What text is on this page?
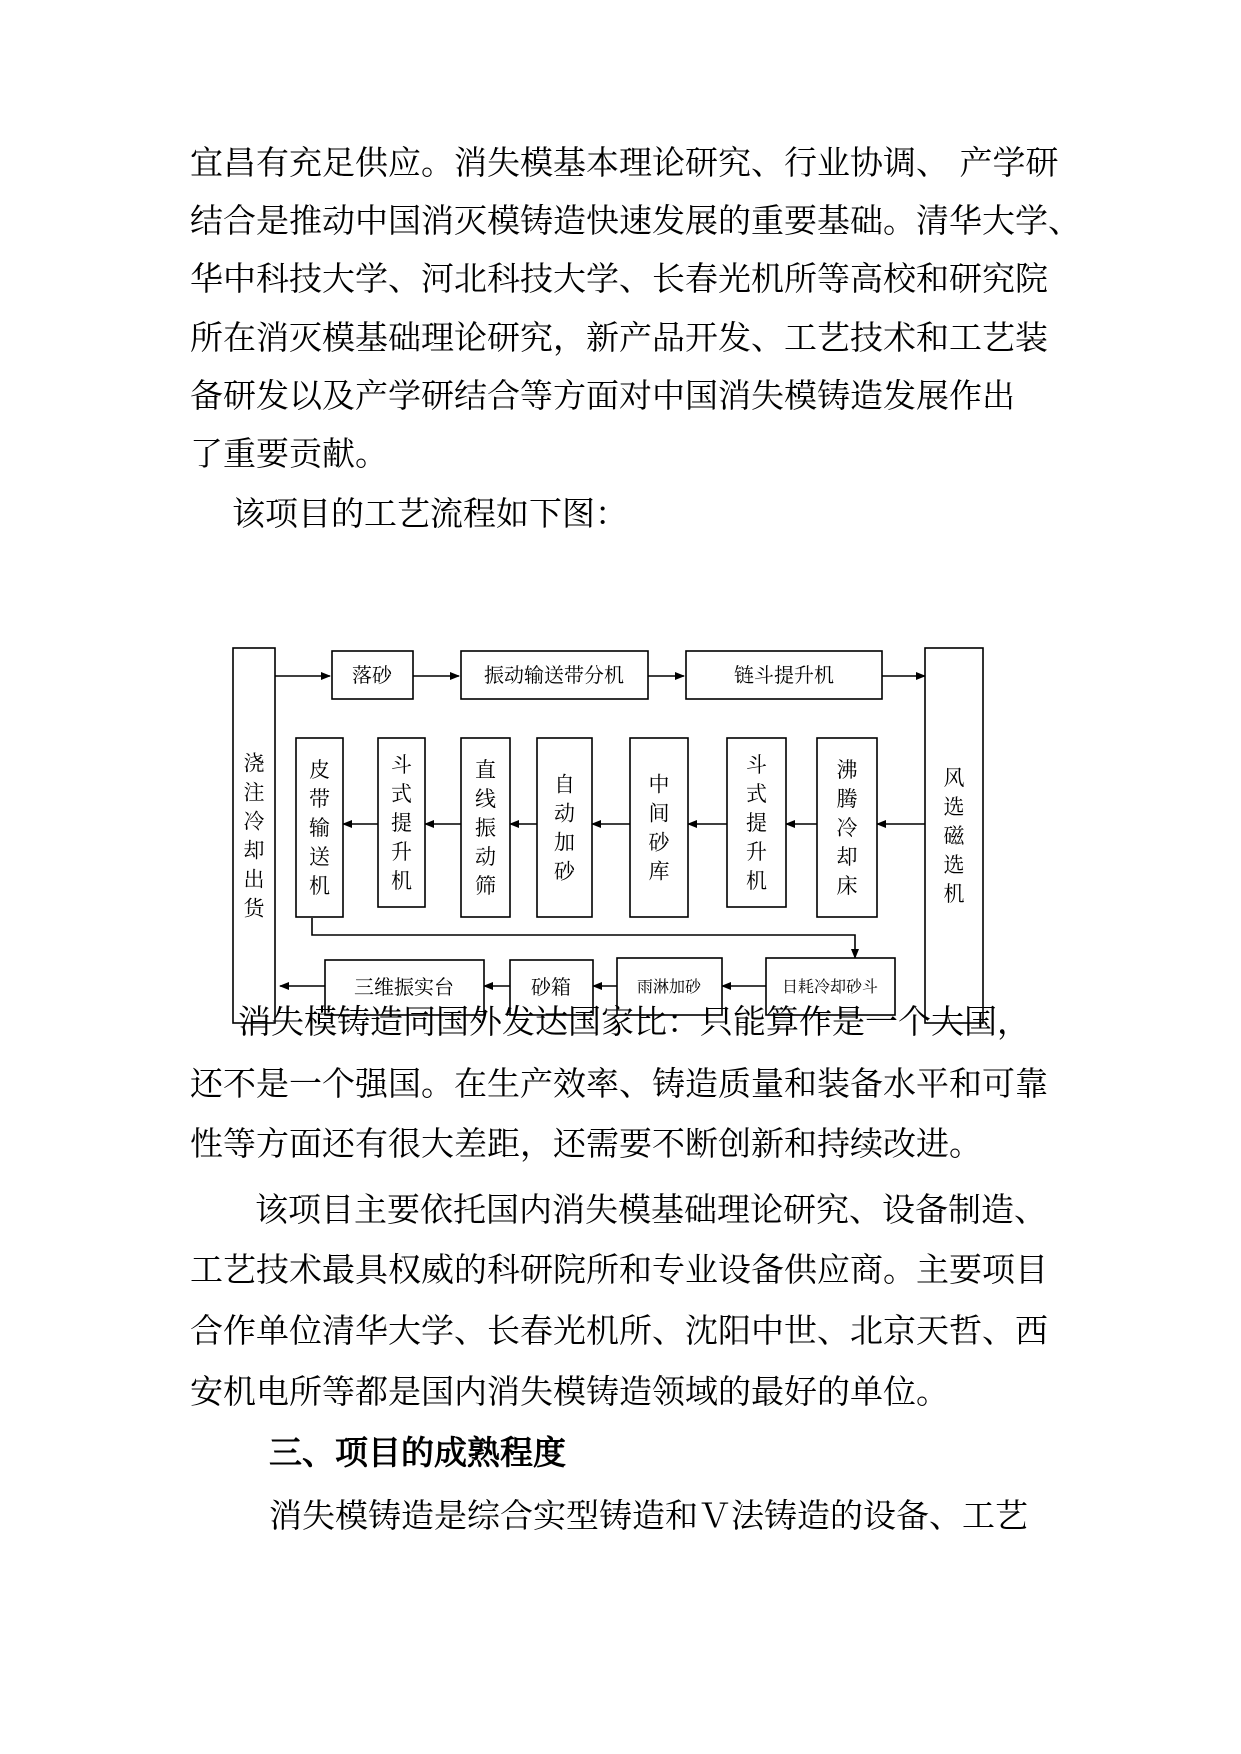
宜昌有充足供应。消失模基本理论研究、行业协调、 产学研
结合是推动中国消灭模铸造快速发展的重要基础。清华大学、
华中科技大学、河北科技大学、长春光机所等高校和研究院
所在消灭模基础理论研究，新产品开发、工艺技术和工艺装
备研发以及产学研结合等方面对中国消失模铸造发展作出
了重要贡献。
该项目的工艺流程如下图：
浇注冷却出货
落砂	振动输送带分机	链斗提升机
风选磁选机
皮带输送机
斗式提升机
直线振动筛
自动加砂
中间砂库
斗式提升机
沸腾冷却床
三维振实台	砂箱	雨淋加砂	日耗冷却砂斗
消失模铸造同国外发达国家比：只能算作是一个大国，
还不是一个强国。在生产效率、铸造质量和装备水平和可靠
性等方面还有很大差距，还需要不断创新和持续改进。
该项目主要依托国内消失模基础理论研究、设备制造、
工艺技术最具权威的科研院所和专业设备供应商。主要项目
合作单位清华大学、长春光机所、沈阳中世、北京天哲、西
安机电所等都是国内消失模铸造领域的最好的单位。
三、项目的成熟程度
消失模铸造是综合实型铸造和Ｖ法铸造的设备、工艺
